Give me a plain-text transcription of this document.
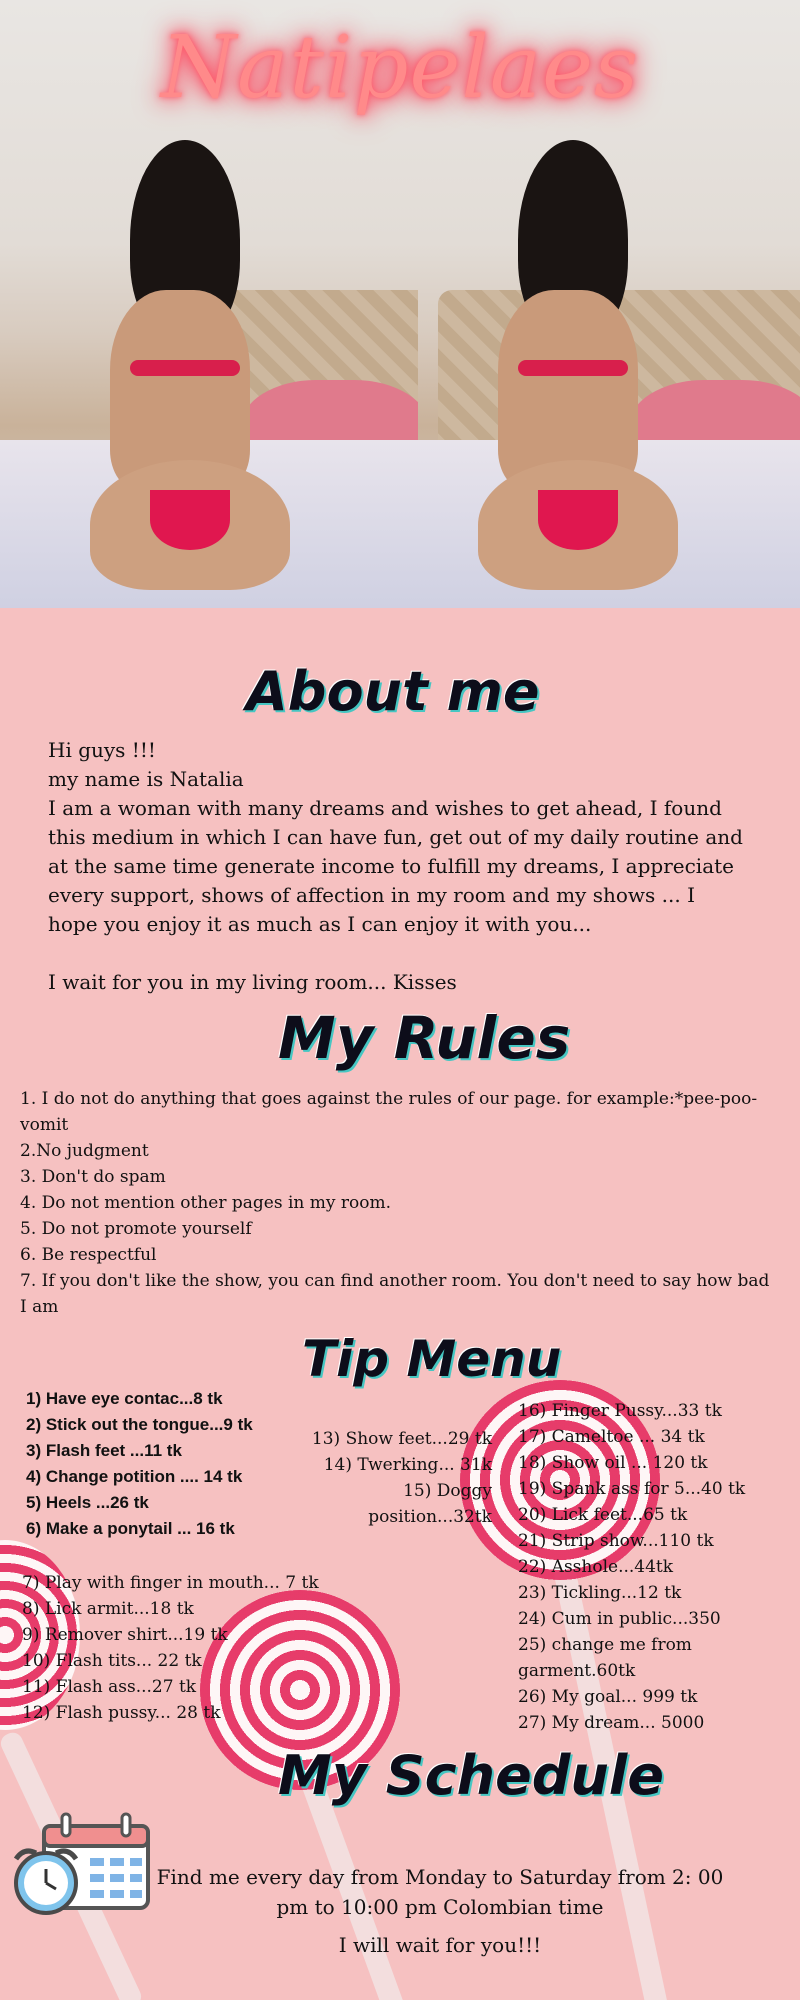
Natipelaes
About me

Hi guys !!!

my name is Natalia

I am a woman with many dreams and wishes to get ahead, I found this medium in which I can have fun, get out of my daily routine and at the same time generate income to fulfill my dreams, I appreciate every support, shows of affection in my room and my shows ... I hope you enjoy it as much as I can enjoy it with you...

I wait for you in my living room... Kisses

My Rules

1. I do not do anything that goes against the rules of our page. for example:*pee-poo-vomit

2.No judgment

3. Don't do spam

4. Do not mention other pages in my room.

5. Do not promote yourself

6. Be respectful

7. If you don't like the show, you can find another room. You don't need to say how bad I am

Tip Menu

1) Have eye contac...8 tk

2) Stick out the tongue...9 tk

3) Flash feet ...11 tk

4) Change potition .... 14 tk

5) Heels ...26 tk

6) Make a ponytail ... 16 tk

13) Show feet...29 tk

14) Twerking... 31k

15) Doggy position...32tk

7) Play with finger in mouth... 7 tk

8) Lick armit...18 tk

9) Remover shirt...19 tk

10) Flash tits... 22 tk

11) Flash ass...27 tk

12) Flash pussy... 28 tk

16) Finger Pussy...33 tk

17) Cameltoe ... 34 tk

18) Show oil ... 120 tk

19) Spank ass for 5...40 tk

20) Lick feet...65 tk

21) Strip show...110 tk

22) Asshole...44tk

23) Tickling...12 tk

24) Cum in public...350

25) change me from garment.60tk

26) My goal... 999 tk

27) My dream... 5000

My Schedule

Find me every day from Monday to Saturday from 2: 00 pm to 10:00 pm Colombian time

I will wait for you!!!
